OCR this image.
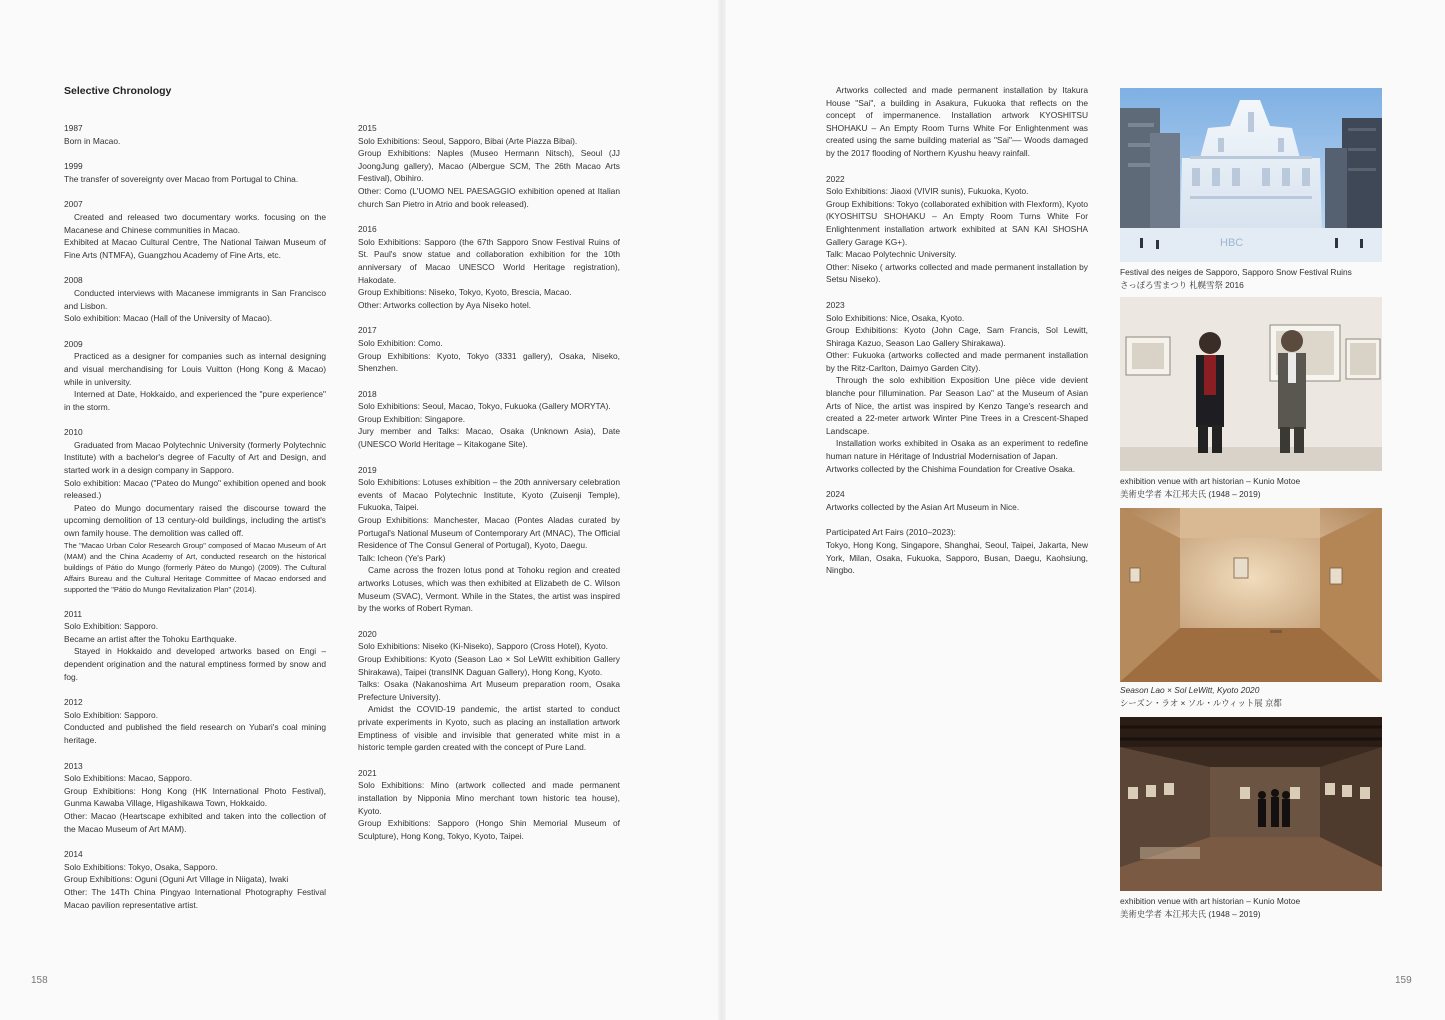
Selective Chronology
1987
Born in Macao.
1999
The transfer of sovereignty over Macao from Portugal to China.
2007
Created and released two documentary works. focusing on the Macanese and Chinese communities in Macao.
Exhibited at Macao Cultural Centre, The National Taiwan Museum of Fine Arts (NTMFA), Guangzhou Academy of Fine Arts, etc.
2008
Conducted interviews with Macanese immigrants in San Francisco and Lisbon.
Solo exhibition: Macao (Hall of the University of Macao).
2009
Practiced as a designer for companies such as internal designing and visual merchandising for Louis Vuitton (Hong Kong & Macao) while in university.
Interned at Date, Hokkaido, and experienced the "pure experience" in the storm.
2010
Graduated from Macao Polytechnic University (formerly Polytechnic Institute) with a bachelor's degree of Faculty of Art and Design, and started work in a design company in Sapporo.
Solo exhibition: Macao ("Pateo do Mungo" exhibition opened and book released.)
Pateo do Mungo documentary raised the discourse toward the upcoming demolition of 13 century-old buildings, including the artist's own family house. The demolition was called off.
The "Macao Urban Color Research Group" composed of Macao Museum of Art (MAM) and the China Academy of Art, conducted research on the historical buildings of Pátio do Mungo (formerly Páteo do Mungo) (2009). The Cultural Affairs Bureau and the Cultural Heritage Committee of Macao endorsed and supported the "Pátio do Mungo Revitalization Plan" (2014).
2011
Solo Exhibition: Sapporo.
Became an artist after the Tohoku Earthquake.
Stayed in Hokkaido and developed artworks based on Engi – dependent origination and the natural emptiness formed by snow and fog.
2012
Solo Exhibition: Sapporo.
Conducted and published the field research on Yubari's coal mining heritage.
2013
Solo Exhibitions: Macao, Sapporo.
Group Exhibitions: Hong Kong (HK International Photo Festival), Gunma Kawaba Village, Higashikawa Town, Hokkaido.
Other: Macao (Heartscape exhibited and taken into the collection of the Macao Museum of Art MAM).
2014
Solo Exhibitions: Tokyo, Osaka, Sapporo.
Group Exhibitions: Oguni (Oguni Art Village in Niigata), Iwaki
Other: The 14Th China Pingyao International Photography Festival Macao pavilion representative artist.
2015
Solo Exhibitions: Seoul, Sapporo, Bibai (Arte Piazza Bibai).
Group Exhibitions: Naples (Museo Hermann Nitsch), Seoul (JJ JoongJung gallery), Macao (Albergue SCM, The 26th Macao Arts Festival), Obihiro.
Other: Como (L'UOMO NEL PAESAGGIO exhibition opened at Italian church San Pietro in Atrio and book released).
2016
Solo Exhibitions: Sapporo (the 67th Sapporo Snow Festival Ruins of St. Paul's snow statue and collaboration exhibition for the 10th anniversary of Macao UNESCO World Heritage registration), Hakodate.
Group Exhibitions: Niseko, Tokyo, Kyoto, Brescia, Macao.
Other: Artworks collection by Aya Niseko hotel.
2017
Solo Exhibition: Como.
Group Exhibitions: Kyoto, Tokyo (3331 gallery), Osaka, Niseko, Shenzhen.
2018
Solo Exhibitions: Seoul, Macao, Tokyo, Fukuoka (Gallery MORYTA).
Group Exhibition: Singapore.
Jury member and Talks: Macao, Osaka (Unknown Asia), Date (UNESCO World Heritage – Kitakogane Site).
2019
Solo Exhibitions: Lotuses exhibition – the 20th anniversary celebration events of Macao Polytechnic Institute, Kyoto (Zuisenji Temple), Fukuoka, Taipei.
Group Exhibitions: Manchester, Macao (Pontes Aladas curated by Portugal's National Museum of Contemporary Art (MNAC), The Official Residence of The Consul General of Portugal), Kyoto, Daegu.
Talk: Icheon (Ye's Park)
Came across the frozen lotus pond at Tohoku region and created artworks Lotuses, which was then exhibited at Elizabeth de C. Wilson Museum (SVAC), Vermont. While in the States, the artist was inspired by the works of Robert Ryman.
2020
Solo Exhibitions: Niseko (Ki-Niseko), Sapporo (Cross Hotel), Kyoto.
Group Exhibitions: Kyoto (Season Lao × Sol LeWitt exhibition Gallery Shirakawa), Taipei (transINK Daguan Gallery), Hong Kong, Kyoto.
Talks: Osaka (Nakanoshima Art Museum preparation room, Osaka Prefecture University).
Amidst the COVID-19 pandemic, the artist started to conduct private experiments in Kyoto, such as placing an installation artwork Emptiness of visible and invisible that generated white mist in a historic temple garden created with the concept of Pure Land.
2021
Solo Exhibitions: Mino (artwork collected and made permanent installation by Nipponia Mino merchant town historic tea house), Kyoto.
Group Exhibitions: Sapporo (Hongo Shin Memorial Museum of Sculpture), Hong Kong, Tokyo, Kyoto, Taipei.
Artworks collected and made permanent installation by Itakura House "Sai", a building in Asakura, Fukuoka that reflects on the concept of impermanence. Installation artwork KYOSHITSU SHOHAKU – An Empty Room Turns White For Enlightenment was created using the same building material as "Sai"–– Woods damaged by the 2017 flooding of Northern Kyushu heavy rainfall.
2022
Solo Exhibitions: Jiaoxi (VIVIR sunis), Fukuoka, Kyoto.
Group Exhibitions: Tokyo (collaborated exhibition with Flexform), Kyoto (KYOSHITSU SHOHAKU – An Empty Room Turns White For Enlightenment installation artwork exhibited at SAN KAI SHOSHA Gallery Garage KG+).
Talk: Macao Polytechnic University.
Other: Niseko ( artworks collected and made permanent installation by Setsu Niseko).
2023
Solo Exhibitions: Nice, Osaka, Kyoto.
Group Exhibitions: Kyoto (John Cage, Sam Francis, Sol Lewitt, Shiraga Kazuo, Season Lao Gallery Shirakawa).
Other: Fukuoka (artworks collected and made permanent installation by the Ritz-Carlton, Daimyo Garden City).
Through the solo exhibition Exposition Une pièce vide devient blanche pour l'illumination. Par Season Lao" at the Museum of Asian Arts of Nice, the artist was inspired by Kenzo Tange's research and created a 22-meter artwork Winter Pine Trees in a Crescent-Shaped Landscape.
Installation works exhibited in Osaka as an experiment to redefine human nature in Héritage of Industrial Modernisation of Japan.
Artworks collected by the Chishima Foundation for Creative Osaka.
2024
Artworks collected by the Asian Art Museum in Nice.
Participated Art Fairs (2010–2023):
Tokyo, Hong Kong, Singapore, Shanghai, Seoul, Taipei, Jakarta, New York, Milan, Osaka, Fukuoka, Sapporo, Busan, Daegu, Kaohsiung, Ningbo.
HBC
Festival des neiges de Sapporo, Sapporo Snow Festival Ruins
さっぽろ雪まつり 札幌雪祭 2016
exhibition venue with art historian – Kunio Motoe
美術史学者 本江邦夫氏 (1948 – 2019)
Season Lao × Sol LeWitt, Kyoto 2020
シーズン・ラオ × ソル・ルウィット展 京都
exhibition venue with art historian – Kunio Motoe
美術史学者 本江邦夫氏 (1948 – 2019)
158	159
